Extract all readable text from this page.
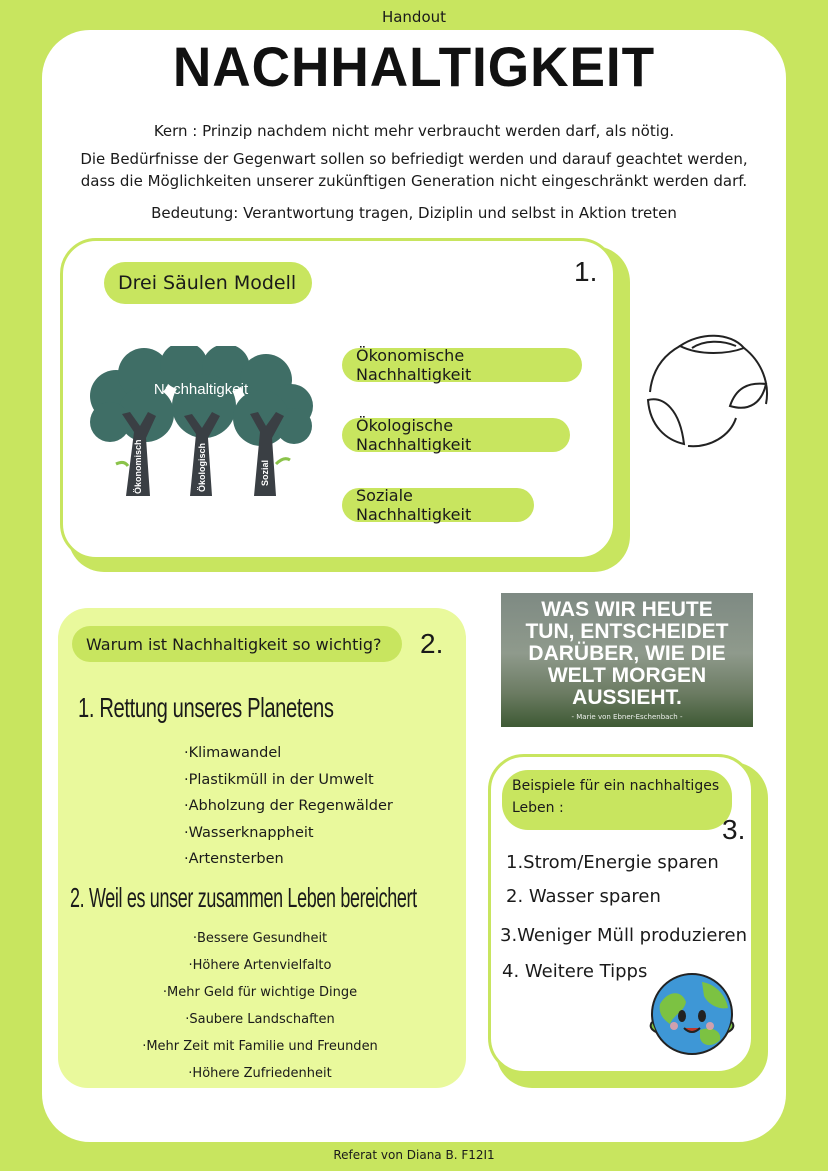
Handout
NACHHALTIGKEIT
Kern : Prinzip nachdem nicht mehr verbraucht werden darf, als nötig.
Die Bedürfnisse der Gegenwart sollen so befriedigt werden und darauf geachtet werden,
dass die Möglichkeiten unserer zukünftigen Generation nicht eingeschränkt werden darf.
Bedeutung: Verantwortung tragen, Diziplin und selbst in Aktion treten
Drei Säulen Modell	1.
Nachhaltigkeit
Ökonomisch	Ökologisch	Sozial
Ökonomische Nachhaltigkeit
Ökologische Nachhaltigkeit
Soziale Nachhaltigkeit
Warum ist Nachhaltigkeit so wichtig? 2.
1. Rettung unseres Planetens
·Klimawandel
·Plastikmüll in der Umwelt
·Abholzung der Regenwälder
·Wasserknappheit
·Artensterben
2. Weil es unser zusammen Leben bereichert
·Bessere Gesundheit
·Höhere Artenvielfalto
·Mehr Geld für wichtige Dinge
·Saubere Landschaften
·Mehr Zeit mit Familie und Freunden
·Höhere Zufriedenheit
WAS WIR HEUTE
TUN, ENTSCHEIDET
DARÜBER, WIE DIE
WELT MORGEN
AUSSIEHT.
- Marie von Ebner-Eschenbach -
Beispiele für ein nachhaltiges
Leben :
3.
1.Strom/Energie sparen
2. Wasser sparen
3.Weniger Müll produzieren
4. Weitere Tipps
Referat von Diana B. F12I1
